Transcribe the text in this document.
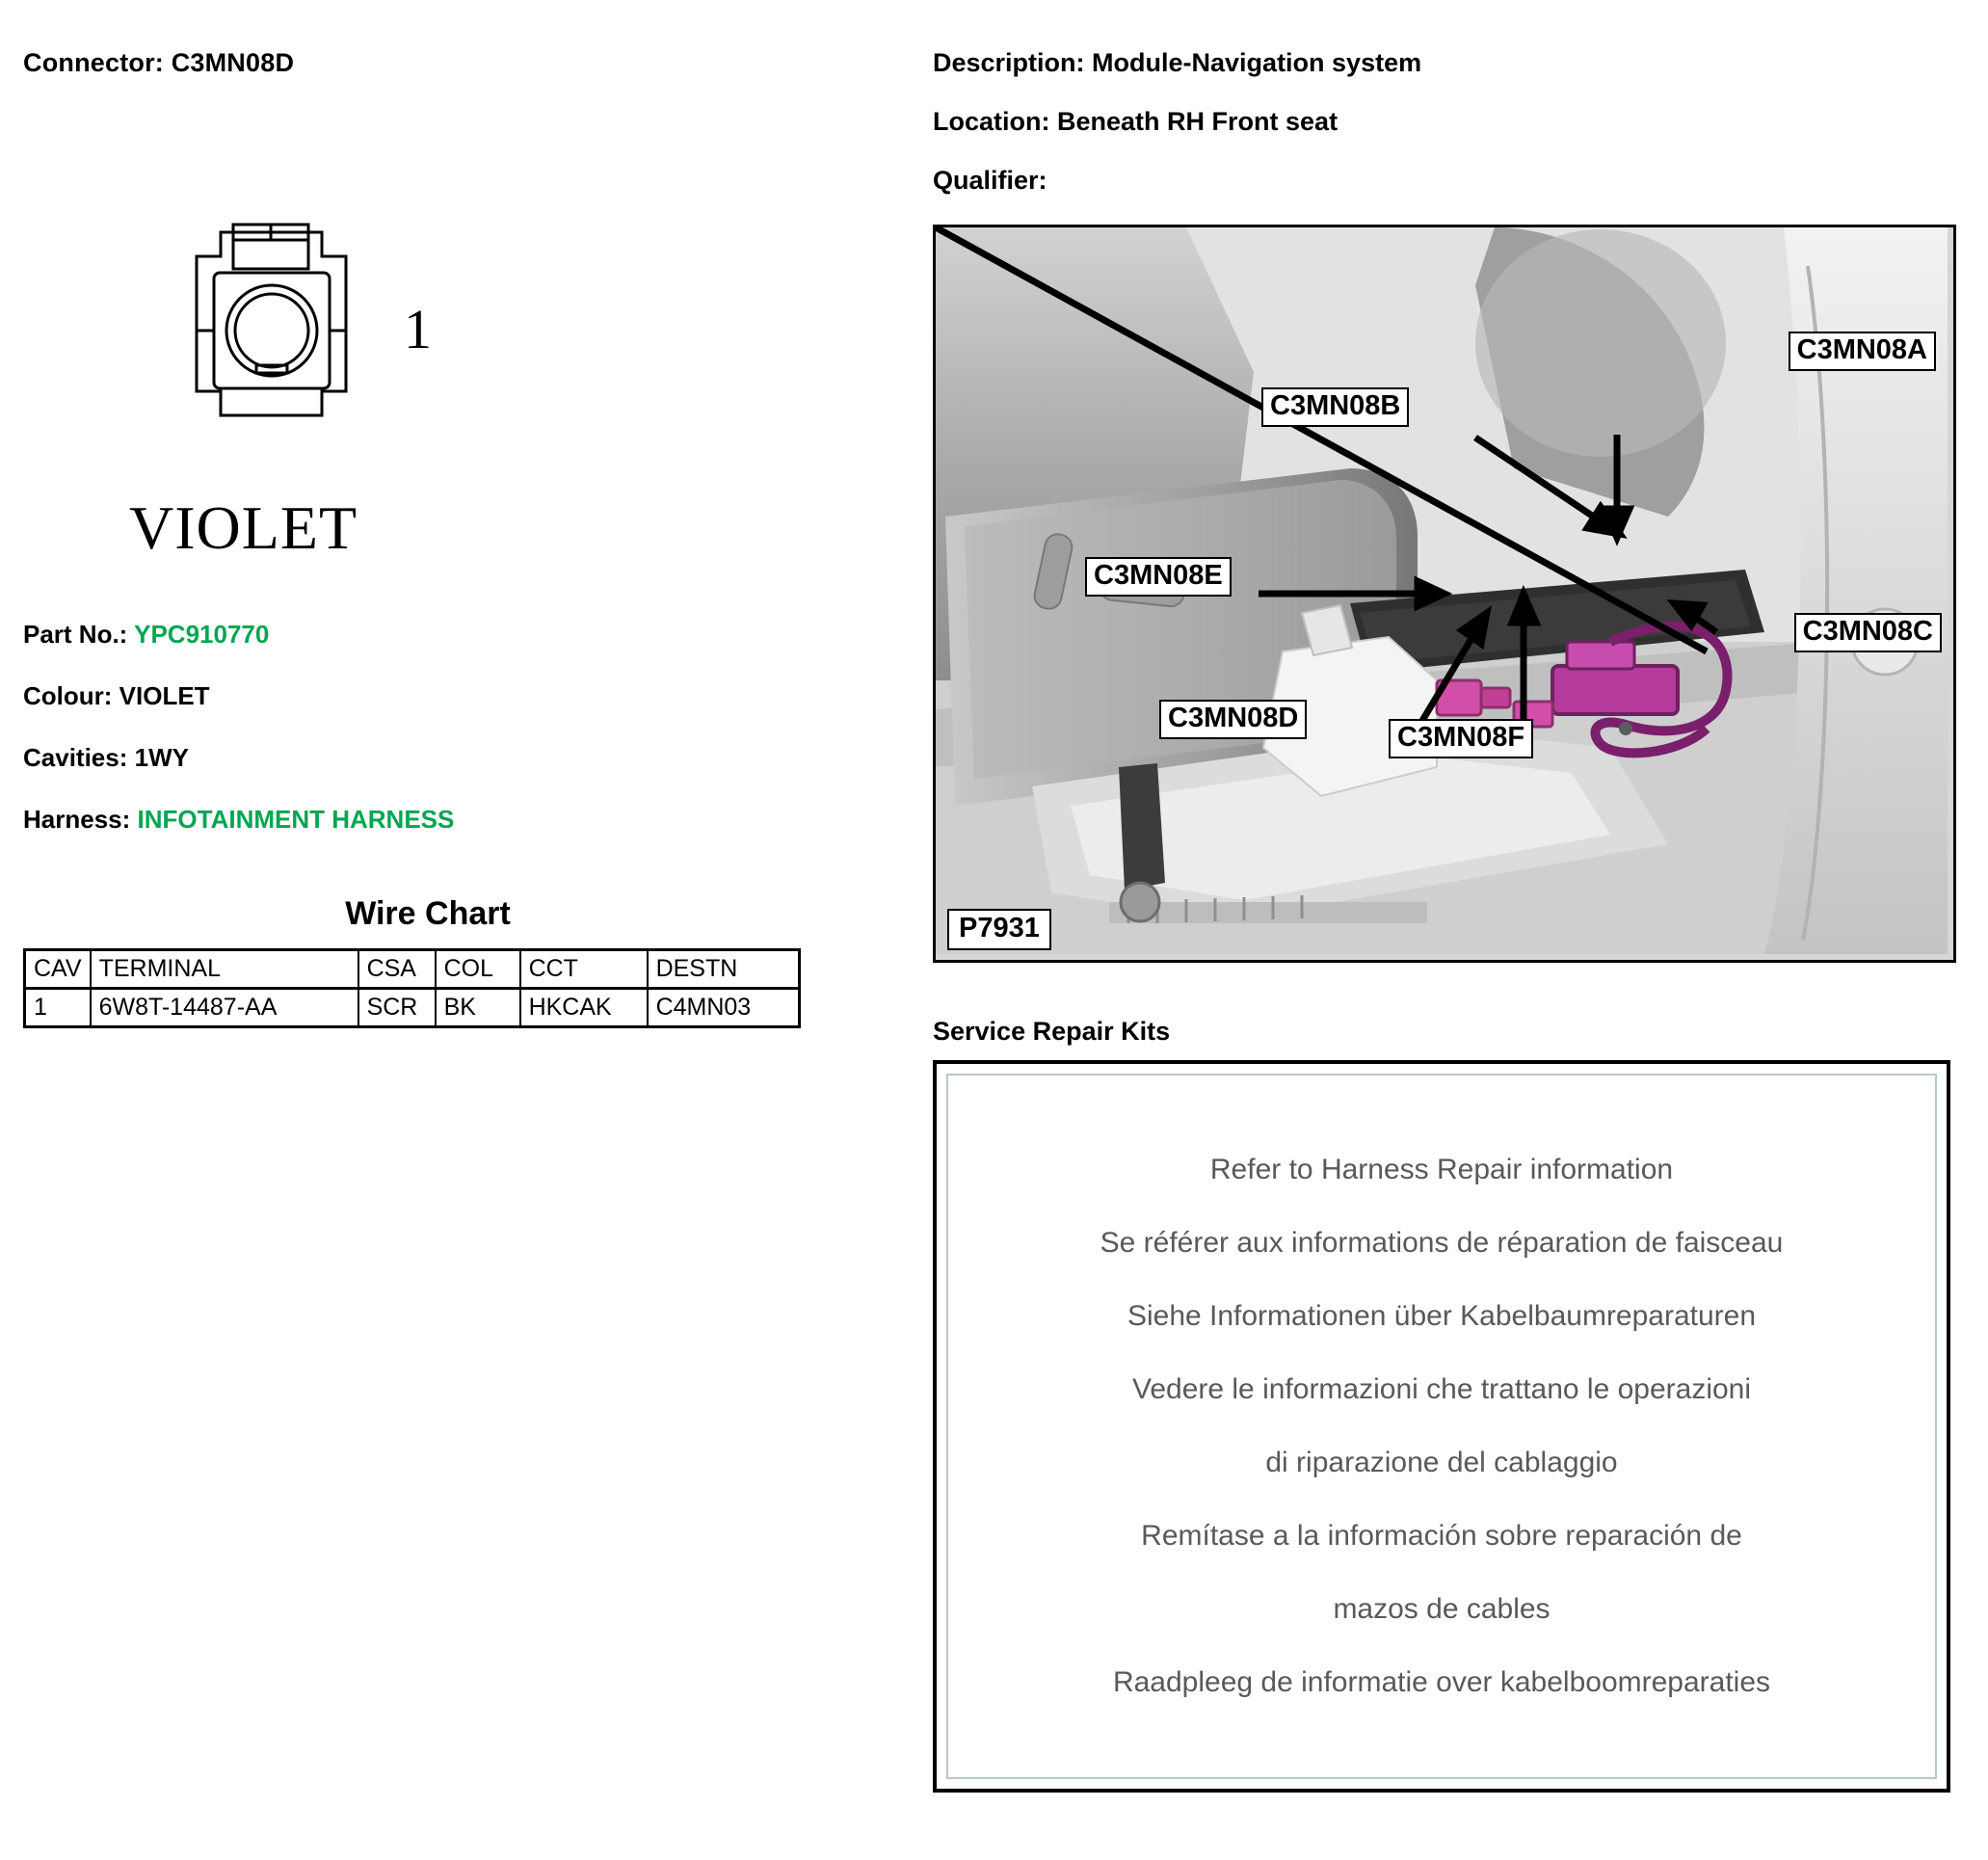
Connector: C3MN08D
1
VIOLET
Part No.: YPC910770
Colour: VIOLET
Cavities: 1WY
Harness: INFOTAINMENT HARNESS
Wire Chart
CAV	TERMINAL	CSA	COL	CCT	DESTN
1	6W8T-14487-AA	SCR	BK	HKCAK	C4MN03
Description: Module-Navigation system
Location: Beneath RH Front seat
Qualifier:
C3MN08A
C3MN08B
C3MN08E
C3MN08C
C3MN08D
C3MN08F
P7931
Service Repair Kits
Refer to Harness Repair information
Se référer aux informations de réparation de faisceau
Siehe Informationen über Kabelbaumreparaturen
Vedere le informazioni che trattano le operazioni
di riparazione del cablaggio
Remítase a la información sobre reparación de
mazos de cables
Raadpleeg de informatie over kabelboomreparaties
